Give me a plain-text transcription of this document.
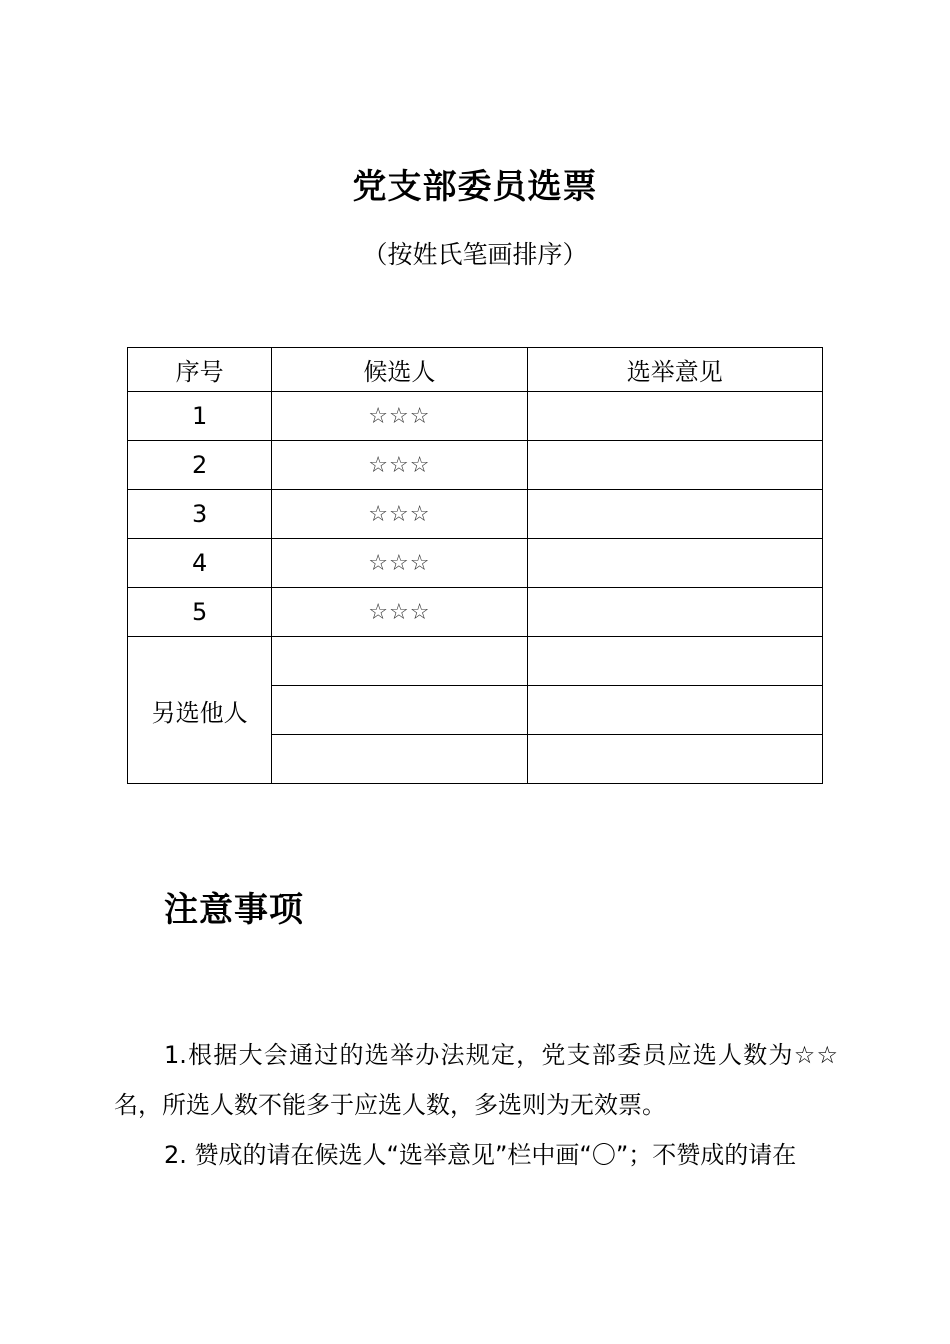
党支部委员选票
（按姓氏笔画排序）
序号	候选人	选举意见
1	☆☆☆	
2	☆☆☆	
3	☆☆☆	
4	☆☆☆	
5	☆☆☆	
另选他人		

注意事项

1.根据大会通过的选举办法规定，党支部委员应选人数为☆☆名，所选人数不能多于应选人数，多选则为无效票。

2. 赞成的请在候选人“选举意见”栏中画“〇”；不赞成的请在
